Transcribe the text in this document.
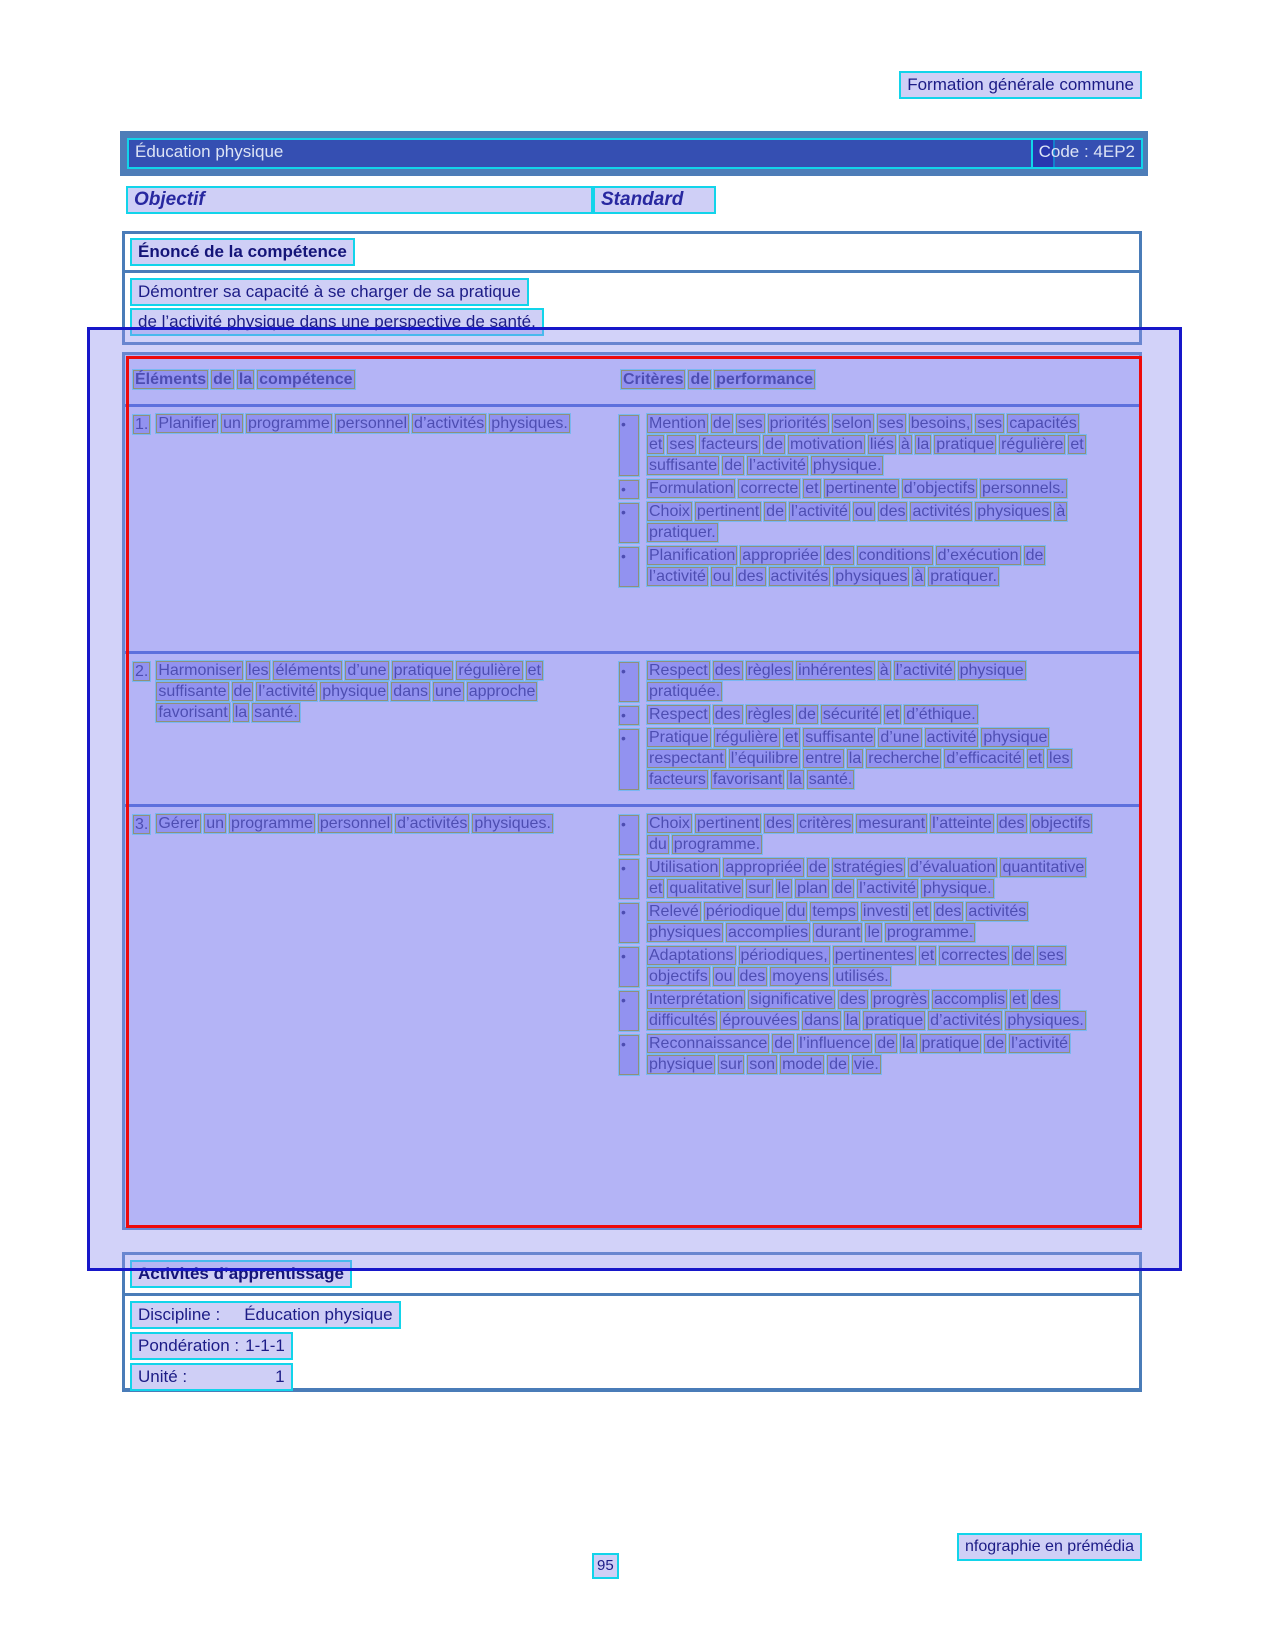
Formation générale commune
Éducation physique	Code : 4EP2
Objectif	Standard
Énoncé de la compétence
Démontrer sa capacité à se charger de sa pratique
de l’activité physique dans une perspective de santé.

Éléments de la compétence	Critères de performance

1. Planifier un programme personnel d’activités physiques.	•	Mention de ses priorités selon ses besoins, ses capacitéset ses facteurs de motivation liés à la pratique régulière etsuffisante de l’activité physique.

•	Formulation correcte et pertinente d’objectifs personnels.

•	Choix pertinent de l’activité ou des activités physiques àpratiquer.

•	Planification appropriée des conditions d’exécution del’activité ou des activités physiques à pratiquer.

2. Harmoniser les éléments d’une pratique régulière etsuffisante de l’activité physique dans une approchefavorisant la santé.

•	Respect des règles inhérentes à l’activité physiquepratiquée.

•	Respect des règles de sécurité et d’éthique.

•	Pratique régulière et suffisante d’une activité physiquerespectant l’équilibre entre la recherche d’efficacité et lesfacteurs favorisant la santé.

3. Gérer un programme personnel d’activités physiques.	•	Choix pertinent des critères mesurant l’atteinte des objectifsdu programme.

•	Utilisation appropriée de stratégies d’évaluation quantitativeet qualitative sur le plan de l’activité physique.

•	Relevé périodique du temps investi et des activitésphysiques accomplies durant le programme.

•	Adaptations périodiques, pertinentes et correctes de sesobjectifs ou des moyens utilisés.

•	Interprétation significative des progrès accomplis et desdifficultés éprouvées dans la pratique d’activités physiques.

•	Reconnaissance de l’influence de la pratique de l’activitéphysique sur son mode de vie.

Activités d’apprentissage
Discipline : Éducation physique
Pondération : 1-1-1
Unité :	1
nfographie en prémédia
95
